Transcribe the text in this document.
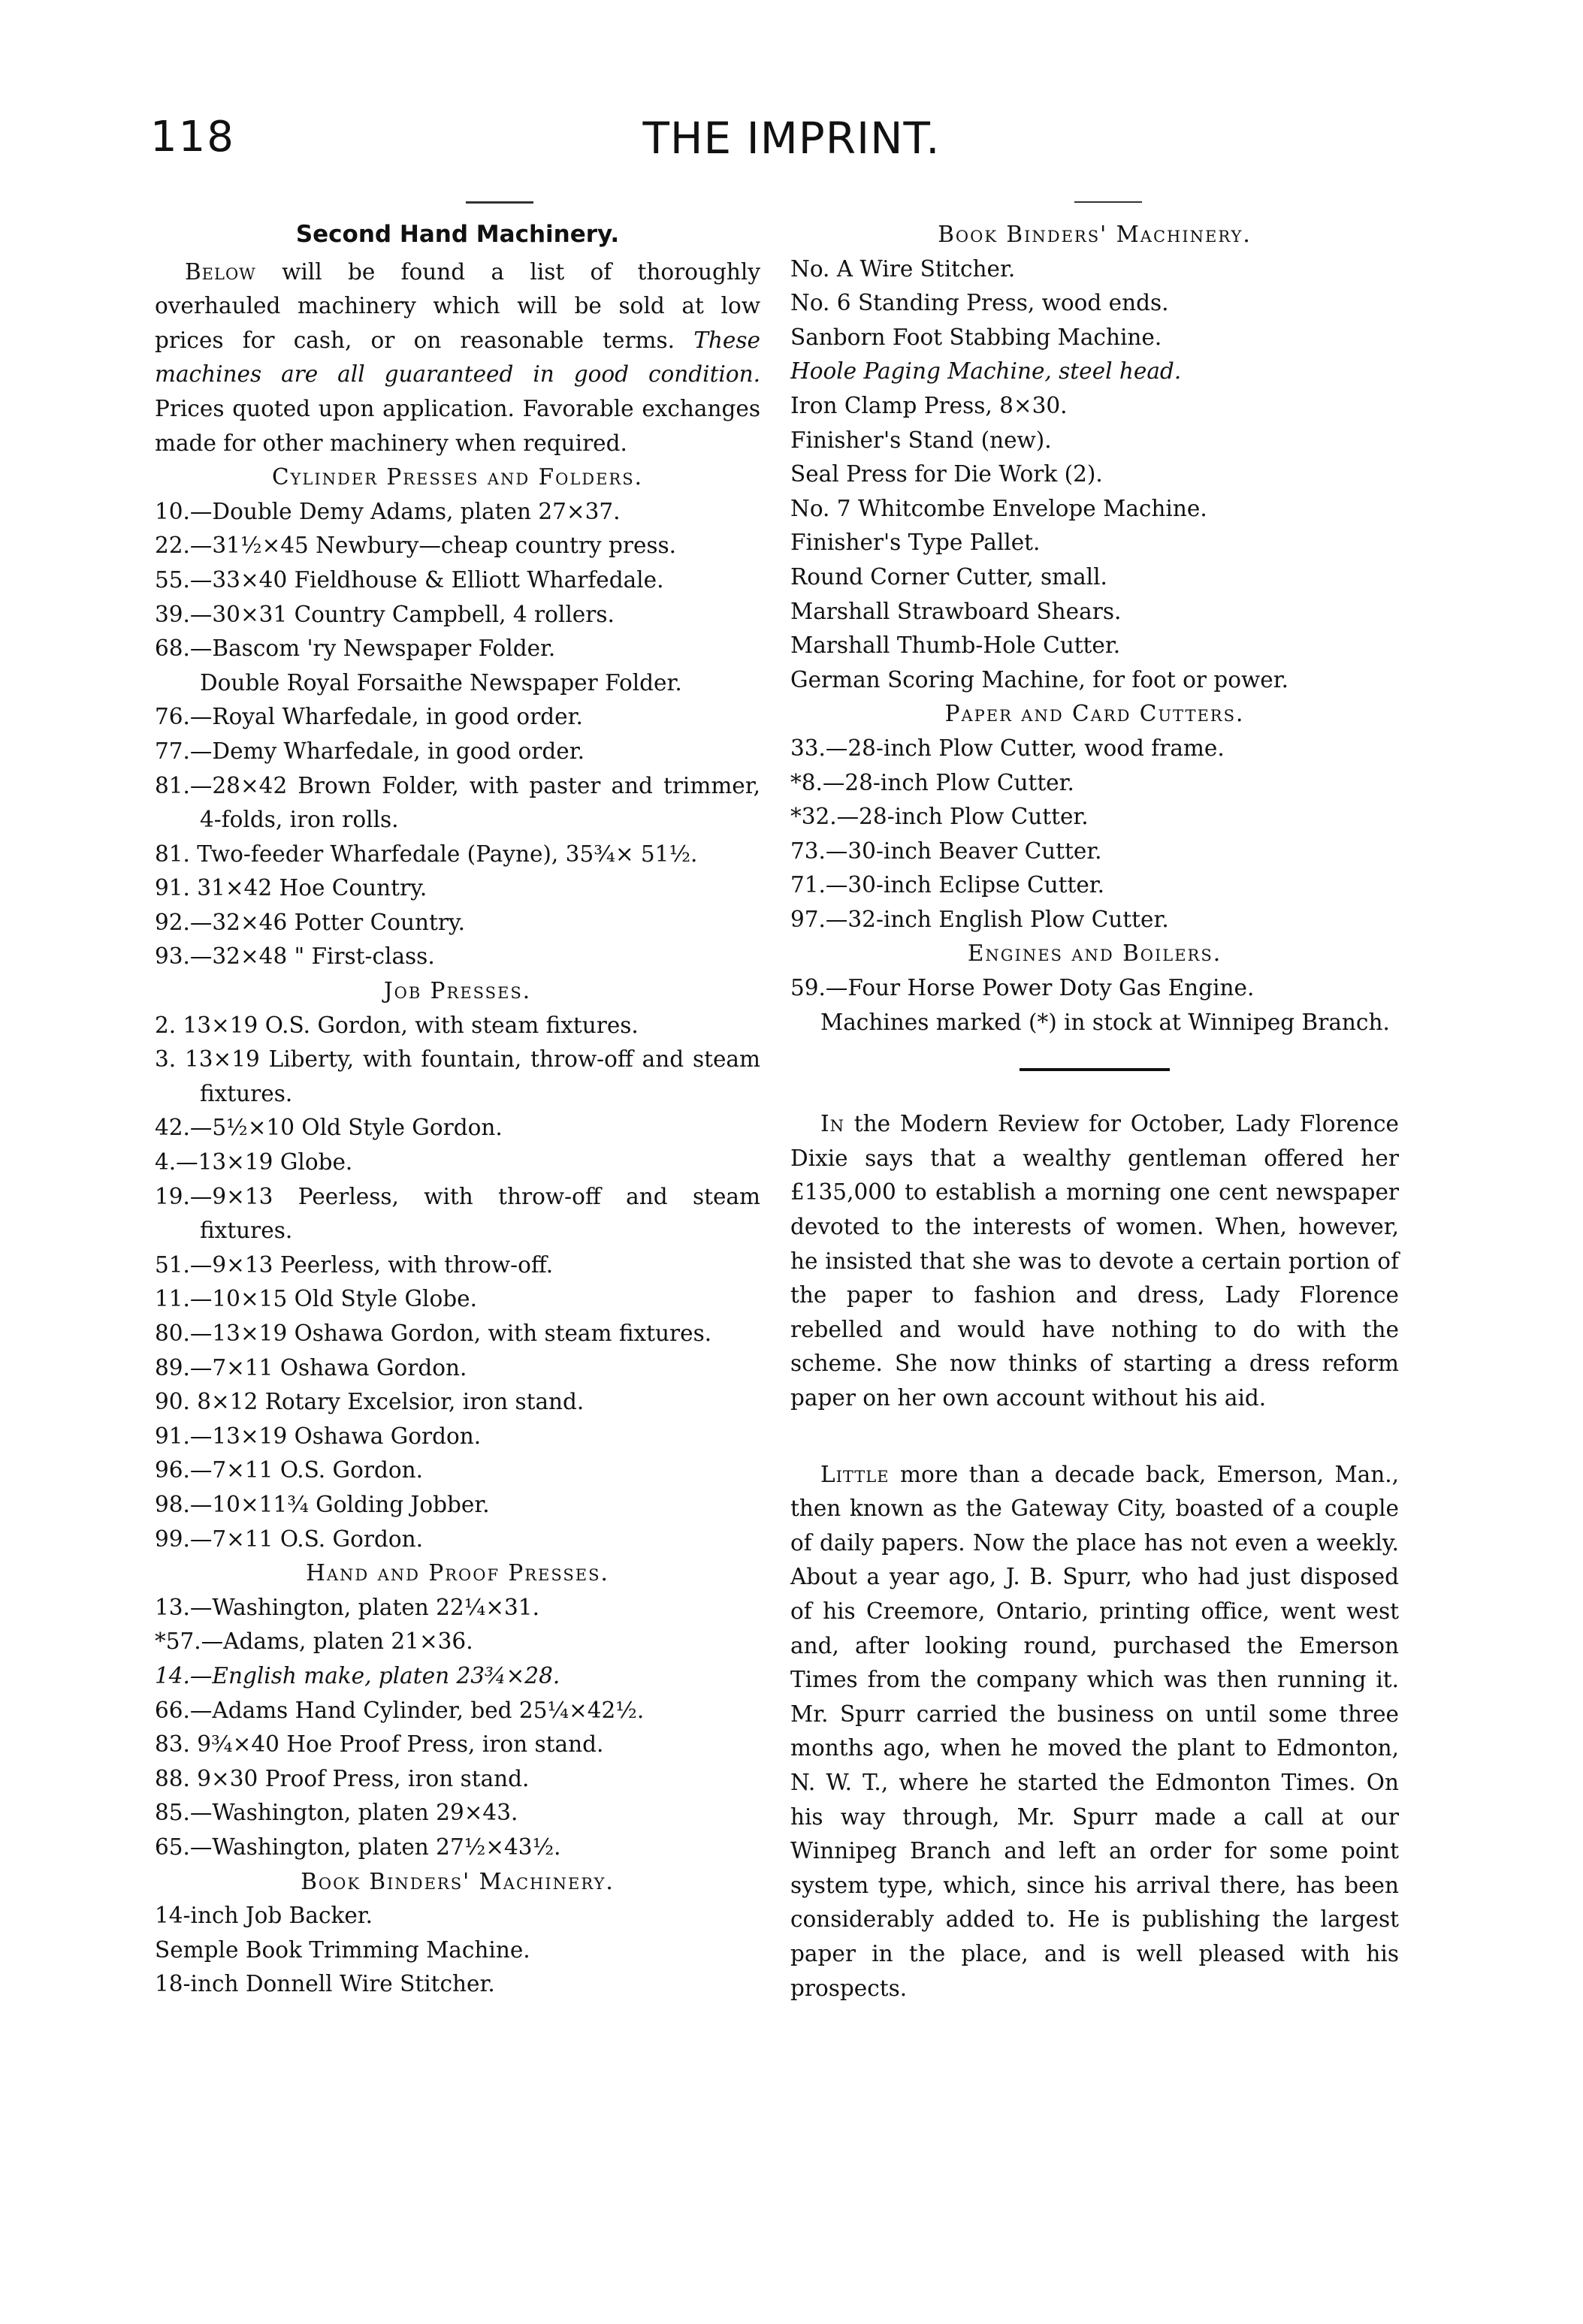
118	THE IMPRINT.
Second Hand Machinery.

Below will be found a list of thoroughly overhauled machinery which will be sold at low prices for cash, or on reasonable terms. These machines are all guaranteed in good condition. Prices quoted upon application. Favorable exchanges made for other machinery when required.

Cylinder Presses and Folders.
10.—Double Demy Adams, platen 27×37.
22.—31½×45 Newbury—cheap country press.
55.—33×40 Fieldhouse & Elliott Wharfedale.
39.—30×31 Country Campbell, 4 rollers.
68.—Bascom 'ry Newspaper Folder.
Double Royal Forsaithe Newspaper Folder.
76.—Royal Wharfedale, in good order.
77.—Demy Wharfedale, in good order.
81.—28×42 Brown Folder, with paster and trimmer, 4-folds, iron rolls.
81. Two-feeder Wharfedale (Payne), 35¾× 51½.
91. 31×42 Hoe Country.
92.—32×46 Potter Country.
93.—32×48 " First-class.
Job Presses.
2. 13×19 O.S. Gordon, with steam fixtures.
3. 13×19 Liberty, with fountain, throw-off and steam fixtures.
42.—5½×10 Old Style Gordon.
4.—13×19 Globe.
19.—9×13 Peerless, with throw-off and steam fixtures.
51.—9×13 Peerless, with throw-off.
11.—10×15 Old Style Globe.
80.—13×19 Oshawa Gordon, with steam fixtures.
89.—7×11 Oshawa Gordon.
90. 8×12 Rotary Excelsior, iron stand.
91.—13×19 Oshawa Gordon.
96.—7×11 O.S. Gordon.
98.—10×11¾ Golding Jobber.
99.—7×11 O.S. Gordon.
Hand and Proof Presses.
13.—Washington, platen 22¼×31.
*57.—Adams, platen 21×36.
14.—English make, platen 23¾×28.
66.—Adams Hand Cylinder, bed 25¼×42½.
83. 9¾×40 Hoe Proof Press, iron stand.
88. 9×30 Proof Press, iron stand.
85.—Washington, platen 29×43.
65.—Washington, platen 27½×43½.
Book Binders' Machinery.
14-inch Job Backer.
Semple Book Trimming Machine.
18-inch Donnell Wire Stitcher.
Book Binders' Machinery.
No. A Wire Stitcher.
No. 6 Standing Press, wood ends.
Sanborn Foot Stabbing Machine.
Hoole Paging Machine, steel head.
Iron Clamp Press, 8×30.
Finisher's Stand (new).
Seal Press for Die Work (2).
No. 7 Whitcombe Envelope Machine.
Finisher's Type Pallet.
Round Corner Cutter, small.
Marshall Strawboard Shears.
Marshall Thumb-Hole Cutter.
German Scoring Machine, for foot or power.
Paper and Card Cutters.
33.—28-inch Plow Cutter, wood frame.
*8.—28-inch Plow Cutter.
*32.—28-inch Plow Cutter.
73.—30-inch Beaver Cutter.
71.—30-inch Eclipse Cutter.
97.—32-inch English Plow Cutter.
Engines and Boilers.
59.—Four Horse Power Doty Gas Engine.

Machines marked (*) in stock at Winnipeg Branch.

In the Modern Review for October, Lady Florence Dixie says that a wealthy gentleman offered her £135,000 to establish a morning one cent newspaper devoted to the interests of women. When, however, he insisted that she was to devote a certain portion of the paper to fashion and dress, Lady Florence rebelled and would have nothing to do with the scheme. She now thinks of starting a dress reform paper on her own account without his aid.

Little more than a decade back, Emerson, Man., then known as the Gateway City, boasted of a couple of daily papers. Now the place has not even a weekly. About a year ago, J. B. Spurr, who had just disposed of his Creemore, Ontario, printing office, went west and, after looking round, purchased the Emerson Times from the company which was then running it. Mr. Spurr carried the business on until some three months ago, when he moved the plant to Edmonton, N. W. T., where he started the Edmonton Times. On his way through, Mr. Spurr made a call at our Winnipeg Branch and left an order for some point system type, which, since his arrival there, has been considerably added to. He is publishing the largest paper in the place, and is well pleased with his prospects.
